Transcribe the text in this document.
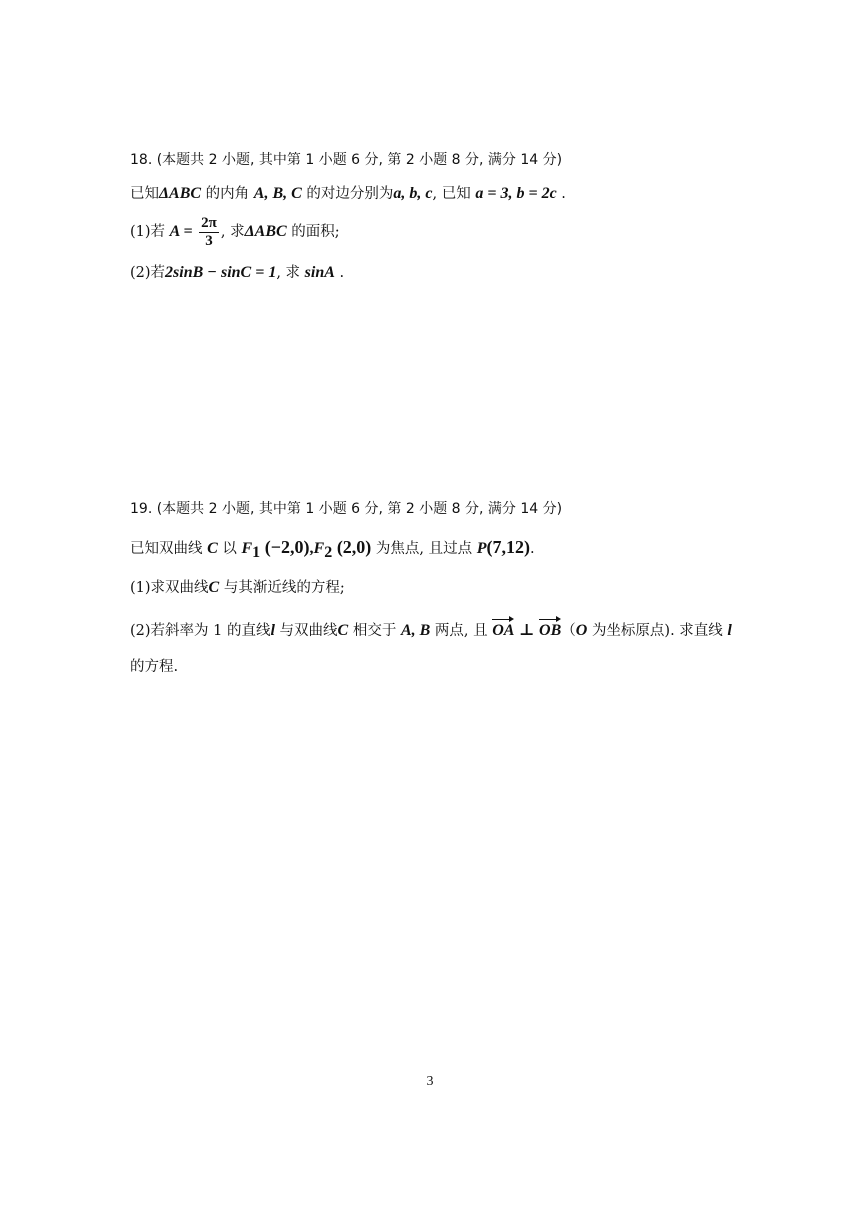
18. (本题共 2 小题, 其中第 1 小题 6 分, 第 2 小题 8 分, 满分 14 分)
已知ΔABC 的内角 A, B, C 的对边分别为a, b, c, 已知 a = 3, b = 2c .
(1)若 $A = \frac{2\pi}{3}$ , 求ΔABC 的面积;
(2)若2sinB − sinC = 1, 求 sinA .
19. (本题共 2 小题, 其中第 1 小题 6 分, 第 2 小题 8 分, 满分 14 分)
已知双曲线 C 以 $F_1$ $(-2,0),F_2$ (2,0) 为焦点, 且过点 P(7,12).
(1)求双曲线C 与其渐近线的方程;
(2)若斜率为 1 的直线l 与双曲线C 相交于 A, B 两点, 且 OA ⊥ OB（O 为坐标原点). 求直线 l
的方程.
3
